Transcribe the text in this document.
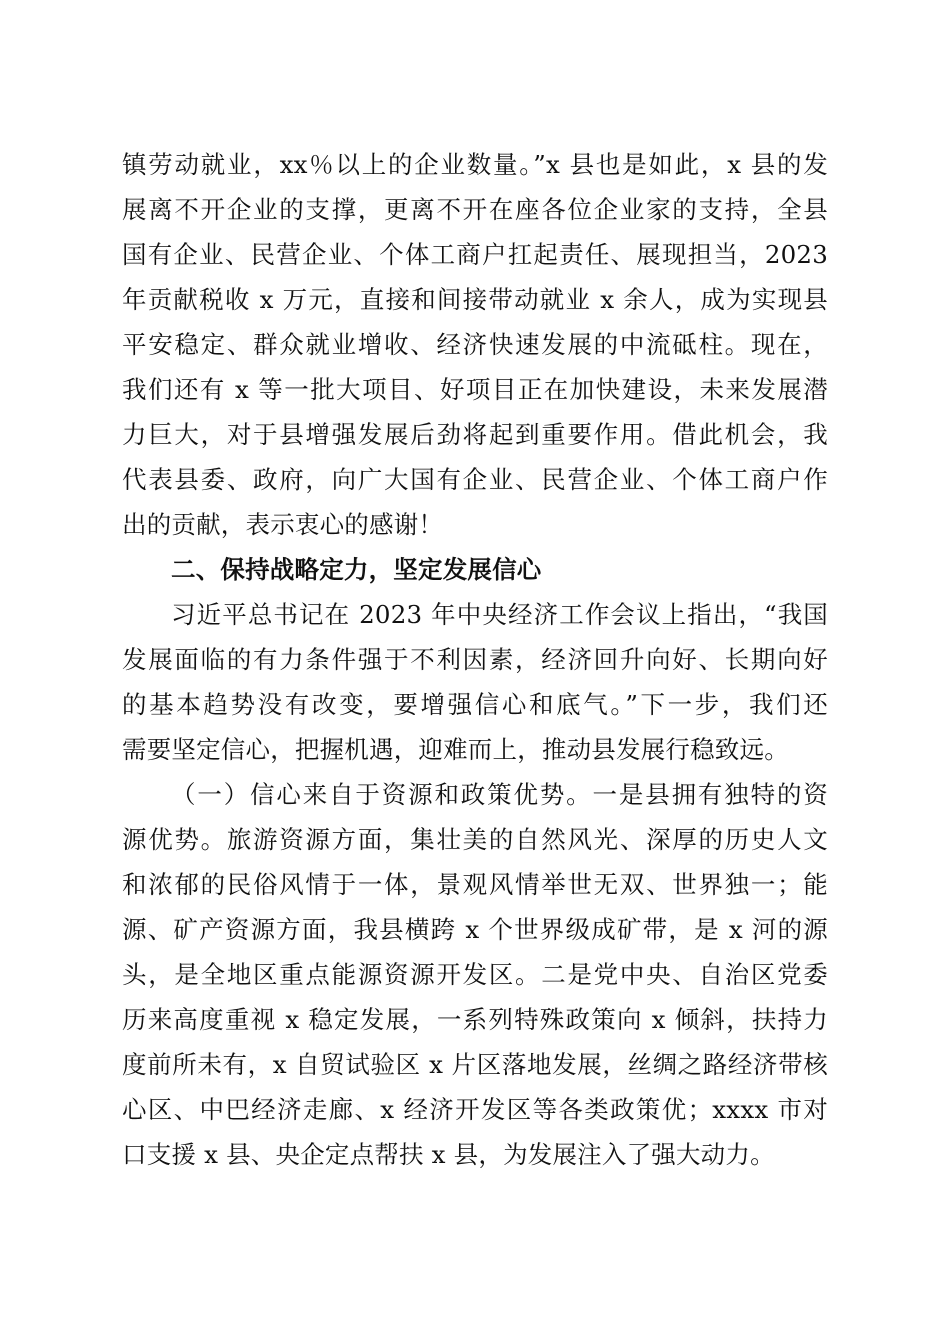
镇劳动就业，xx％以上的企业数量。”x 县也是如此，x 县的发
展离不开企业的支撑，更离不开在座各位企业家的支持，全县
国有企业、民营企业、个体工商户扛起责任、展现担当，2023
年贡献税收 x 万元，直接和间接带动就业 x 余人，成为实现县
平安稳定、群众就业增收、经济快速发展的中流砥柱。现在，
我们还有 x 等一批大项目、好项目正在加快建设，未来发展潜
力巨大，对于县增强发展后劲将起到重要作用。借此机会，我
代表县委、政府，向广大国有企业、民营企业、个体工商户作
出的贡献，表示衷心的感谢！
二、保持战略定力，坚定发展信心
习近平总书记在 2023 年中央经济工作会议上指出，“我国
发展面临的有力条件强于不利因素，经济回升向好、长期向好
的基本趋势没有改变，要增强信心和底气。”下一步，我们还
需要坚定信心，把握机遇，迎难而上，推动县发展行稳致远。
（一）信心来自于资源和政策优势。一是县拥有独特的资
源优势。旅游资源方面，集壮美的自然风光、深厚的历史人文
和浓郁的民俗风情于一体，景观风情举世无双、世界独一；能
源、矿产资源方面，我县横跨 x 个世界级成矿带，是 x 河的源
头，是全地区重点能源资源开发区。二是党中央、自治区党委
历来高度重视 x 稳定发展，一系列特殊政策向 x 倾斜，扶持力
度前所未有，x 自贸试验区 x 片区落地发展，丝绸之路经济带核
心区、中巴经济走廊、x 经济开发区等各类政策优；xxxx 市对
口支援 x 县、央企定点帮扶 x 县，为发展注入了强大动力。
